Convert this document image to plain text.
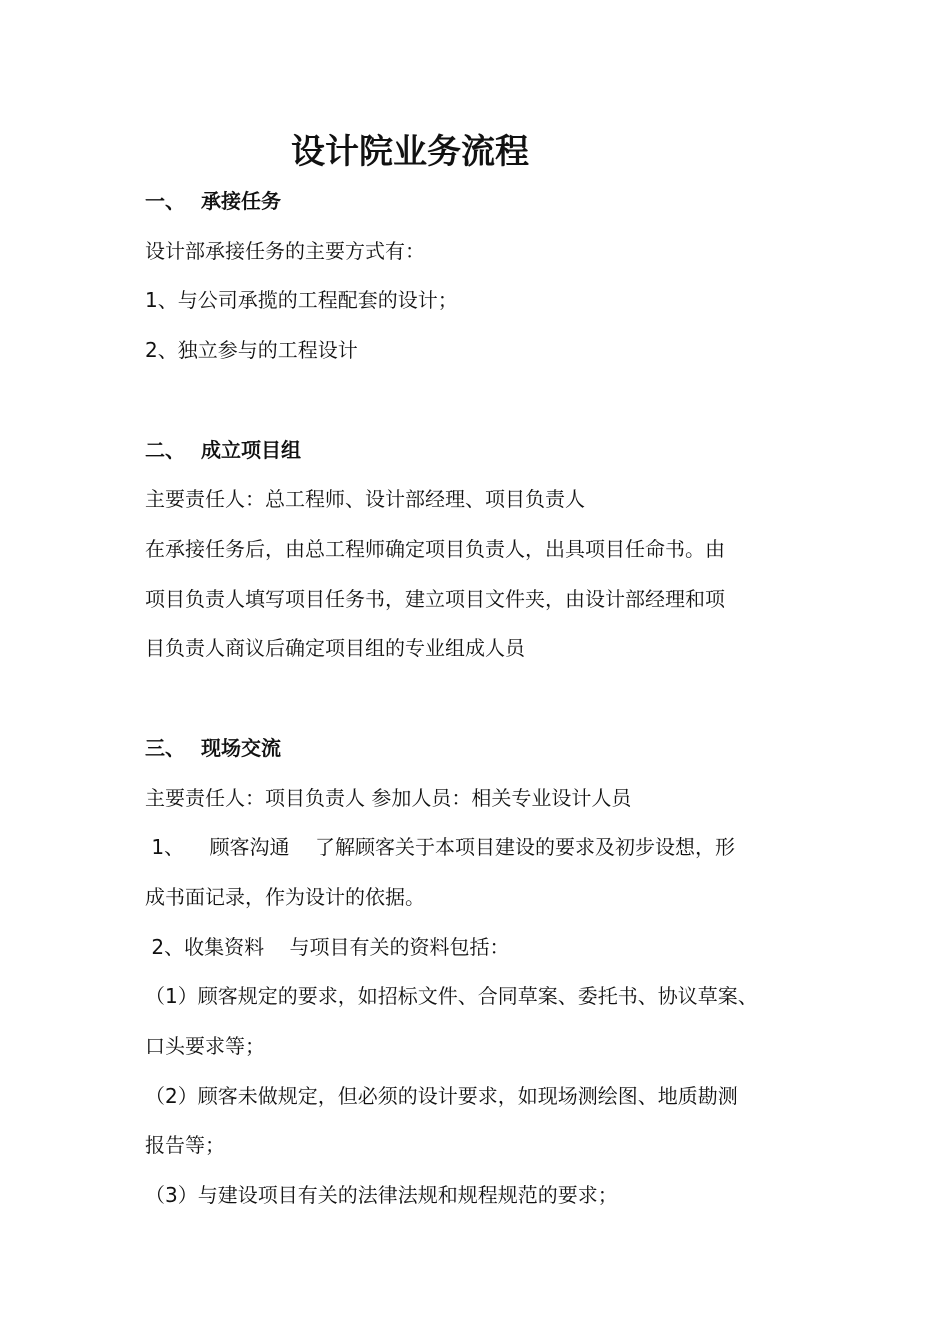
设计院业务流程
一、 承接任务
设计部承接任务的主要方式有：
1、与公司承揽的工程配套的设计；
2、独立参与的工程设计
二、 成立项目组
主要责任人：总工程师、设计部经理、项目负责人
在承接任务后，由总工程师确定项目负责人，出具项目任命书。由
项目负责人填写项目任务书，建立项目文件夹，由设计部经理和项
目负责人商议后确定项目组的专业组成人员
三、 现场交流
主要责任人：项目负责人 参加人员：相关专业设计人员
1、    顾客沟通    了解顾客关于本项目建设的要求及初步设想，形
成书面记录，作为设计的依据。
2、收集资料    与项目有关的资料包括：
（1）顾客规定的要求，如招标文件、合同草案、委托书、协议草案、
口头要求等；
（2）顾客未做规定，但必须的设计要求，如现场测绘图、地质勘测
报告等；
（3）与建设项目有关的法律法规和规程规范的要求；
